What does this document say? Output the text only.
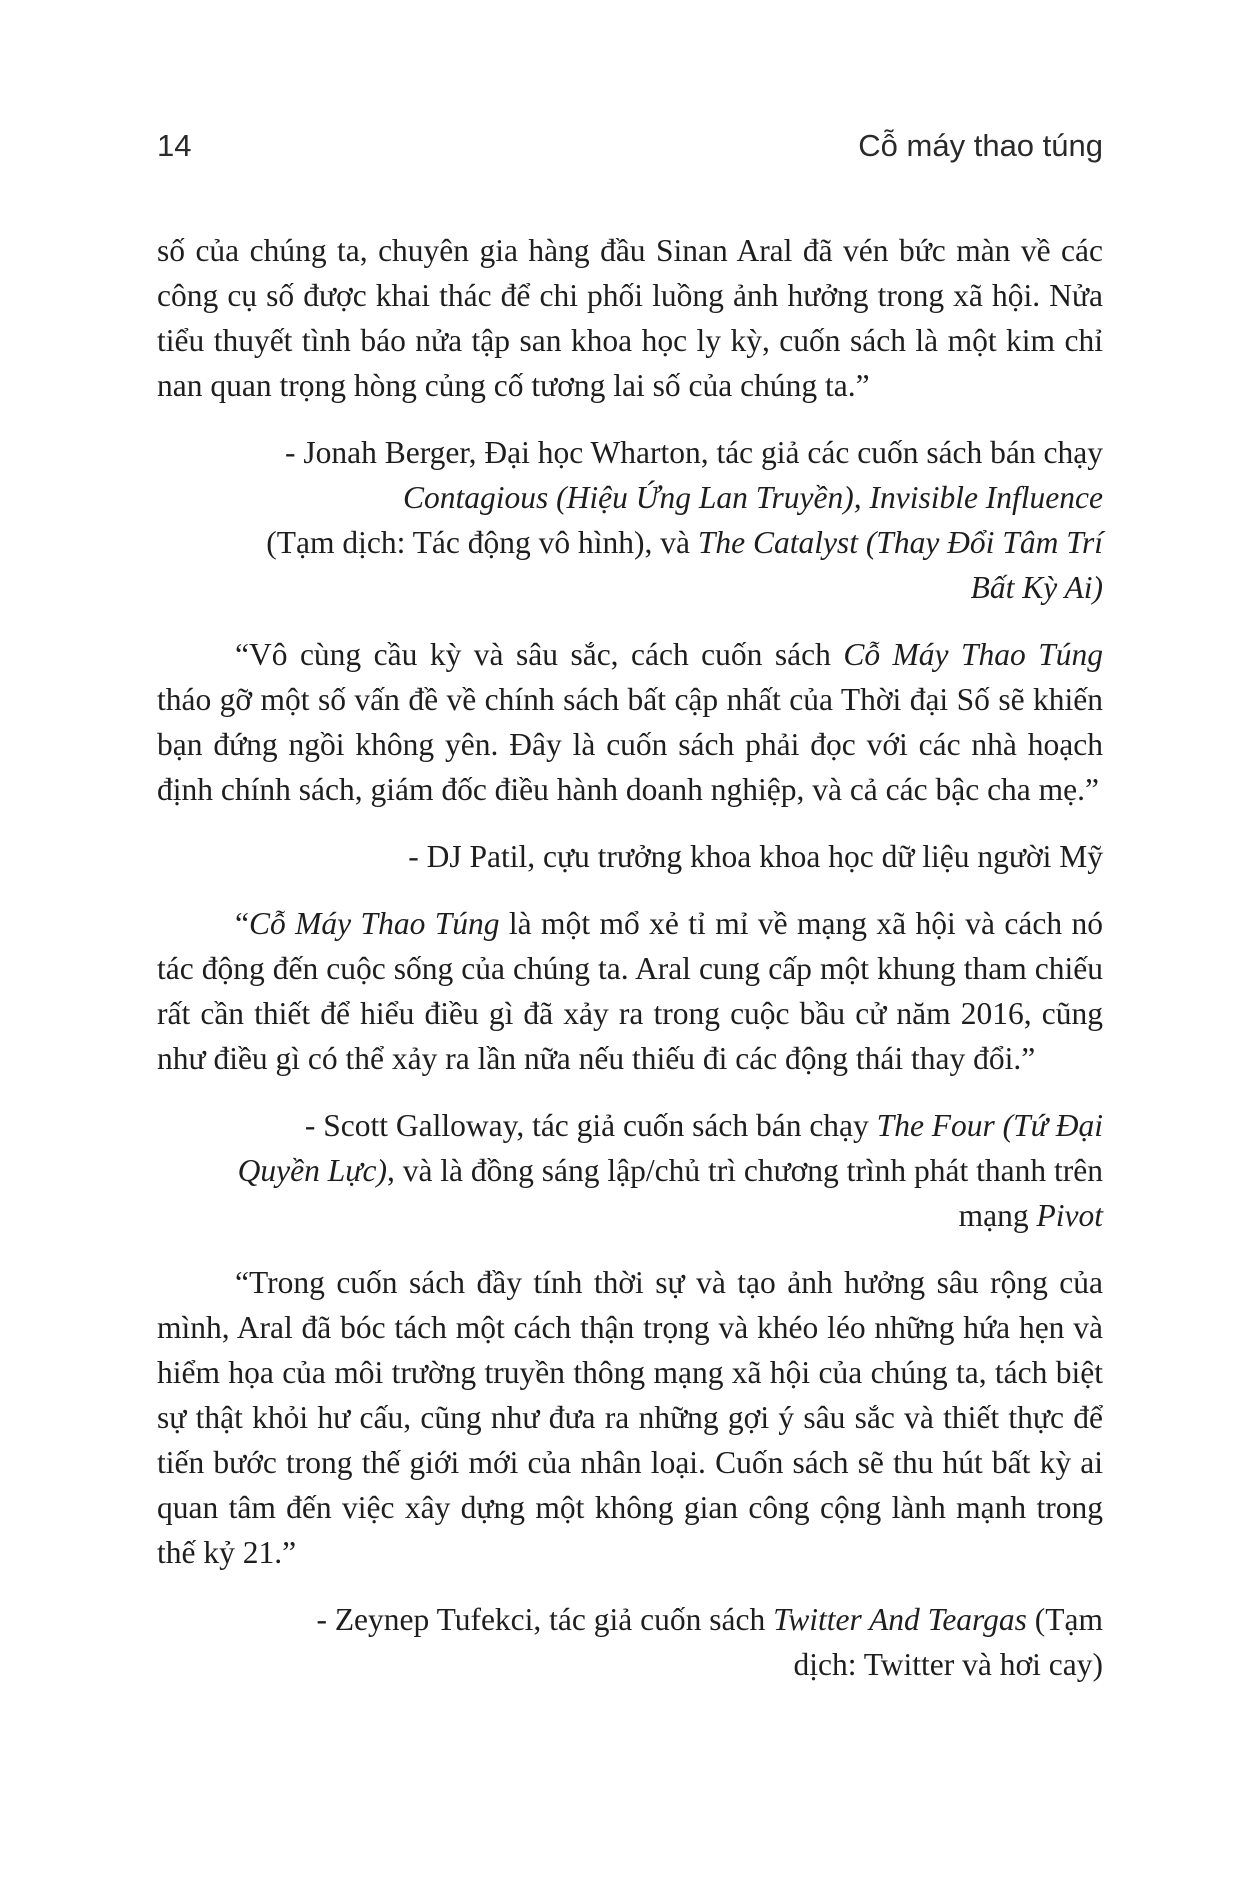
14	Cỗ máy thao túng

số của chúng ta, chuyên gia hàng đầu Sinan Aral đã vén bức màn về các công cụ số được khai thác để chi phối luồng ảnh hưởng trong xã hội. Nửa tiểu thuyết tình báo nửa tập san khoa học ly kỳ, cuốn sách là một kim chỉ nan quan trọng hòng củng cố tương lai số của chúng ta.”

- Jonah Berger, Đại học Wharton, tác giả các cuốn sách bán chạy

Contagious (Hiệu Ứng Lan Truyền), Invisible Influence

(Tạm dịch: Tác động vô hình), và The Catalyst (Thay Đổi Tâm Trí

Bất Kỳ Ai)

“Vô cùng cầu kỳ và sâu sắc, cách cuốn sách Cỗ Máy Thao Túng tháo gỡ một số vấn đề về chính sách bất cập nhất của Thời đại Số sẽ khiến bạn đứng ngồi không yên. Đây là cuốn sách phải đọc với các nhà hoạch định chính sách, giám đốc điều hành doanh nghiệp, và cả các bậc cha mẹ.”

- DJ Patil, cựu trưởng khoa khoa học dữ liệu người Mỹ

“Cỗ Máy Thao Túng là một mổ xẻ tỉ mỉ về mạng xã hội và cách nó tác động đến cuộc sống của chúng ta. Aral cung cấp một khung tham chiếu rất cần thiết để hiểu điều gì đã xảy ra trong cuộc bầu cử năm 2016, cũng như điều gì có thể xảy ra lần nữa nếu thiếu đi các động thái thay đổi.”

- Scott Galloway, tác giả cuốn sách bán chạy The Four (Tứ Đại

Quyền Lực), và là đồng sáng lập/chủ trì chương trình phát thanh trên

mạng Pivot

“Trong cuốn sách đầy tính thời sự và tạo ảnh hưởng sâu rộng của mình, Aral đã bóc tách một cách thận trọng và khéo léo những hứa hẹn và hiểm họa của môi trường truyền thông mạng xã hội của chúng ta, tách biệt sự thật khỏi hư cấu, cũng như đưa ra những gợi ý sâu sắc và thiết thực để tiến bước trong thế giới mới của nhân loại. Cuốn sách sẽ thu hút bất kỳ ai quan tâm đến việc xây dựng một không gian công cộng lành mạnh trong thế kỷ 21.”

- Zeynep Tufekci, tác giả cuốn sách Twitter And Teargas (Tạm

dịch: Twitter và hơi cay)
